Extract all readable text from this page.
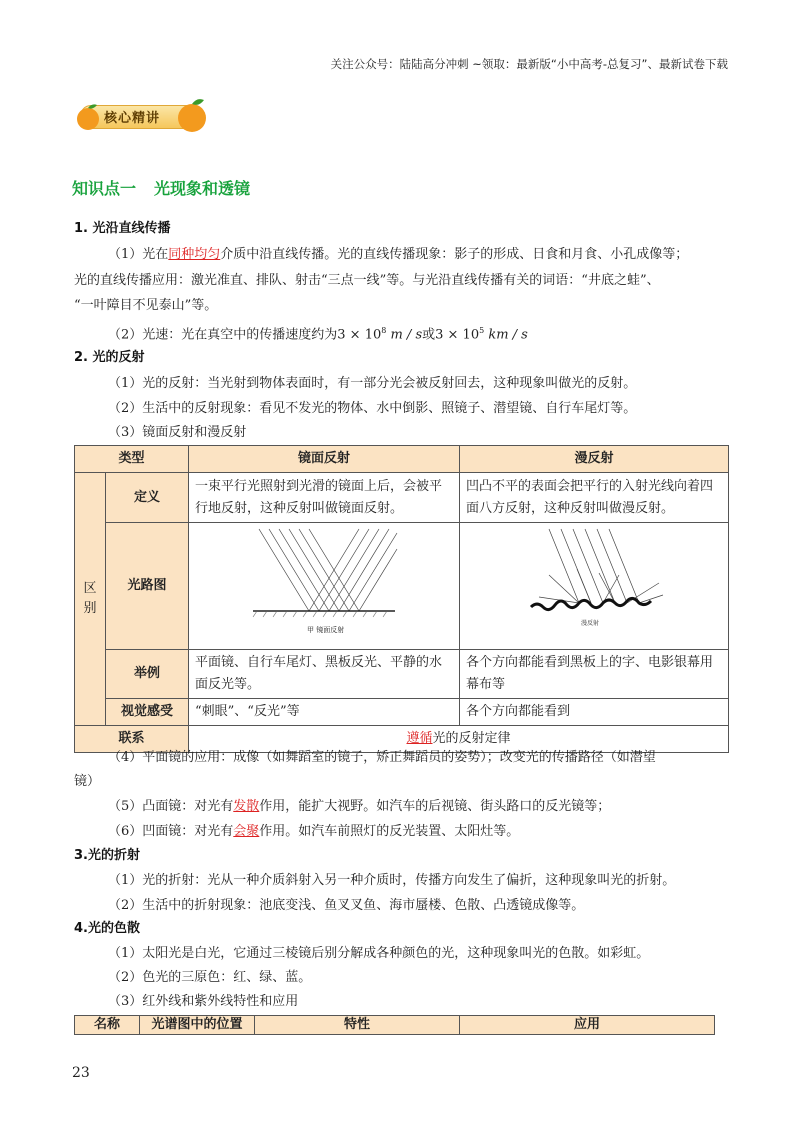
关注公众号：陆陆高分冲刺 ~领取：最新版“小中高考-总复习”、最新试卷下载
核心精讲
知识点一 光现象和透镜
1. 光沿直线传播
（1）光在同种均匀介质中沿直线传播。光的直线传播现象：影子的形成、日食和月食、小孔成像等；
光的直线传播应用：激光准直、排队、射击“三点一线”等。与光沿直线传播有关的词语：“井底之蛙”、
“一叶障目不见泰山”等。
（2）光速：光在真空中的传播速度约为$3 \times 10^8$ m / s或$3 \times 10^5$ km / s
2. 光的反射
（1）光的反射：当光射到物体表面时，有一部分光会被反射回去，这种现象叫做光的反射。
（2）生活中的反射现象：看见不发光的物体、水中倒影、照镜子、潜望镜、自行车尾灯等。
（3）镜面反射和漫反射
类型		镜面反射	漫反射
区
别	定义	一束平行光照射到光滑的镜面上后，会被平行地反射，这种反射叫做镜面反射。	凹凸不平的表面会把平行的入射光线向着四面八方反射，这种反射叫做漫反射。
	光路图	甲 镜面反射	漫反射

	举例	平面镜、自行车尾灯、黑板反光、平静的水面反光等。	各个方向都能看到黑板上的字、电影银幕用幕布等
	视觉感受	“刺眼”、“反光”等	各个方向都能看到
联系		遵循光的反射定律	
（4）平面镜的应用：成像（如舞蹈室的镜子，矫正舞蹈员的姿势）；改变光的传播路径（如潜望
镜）
（5）凸面镜：对光有发散作用，能扩大视野。如汽车的后视镜、街头路口的反光镜等；
（6）凹面镜：对光有会聚作用。如汽车前照灯的反光装置、太阳灶等。
3.光的折射
（1）光的折射：光从一种介质斜射入另一种介质时，传播方向发生了偏折，这种现象叫光的折射。
（2）生活中的折射现象：池底变浅、鱼叉叉鱼、海市蜃楼、色散、凸透镜成像等。
4.光的色散
（1）太阳光是白光，它通过三棱镜后别分解成各种颜色的光，这种现象叫光的色散。如彩虹。
（2）色光的三原色：红、绿、蓝。
（3）红外线和紫外线特性和应用
名称	光谱图中的位置	特性	应用
23
